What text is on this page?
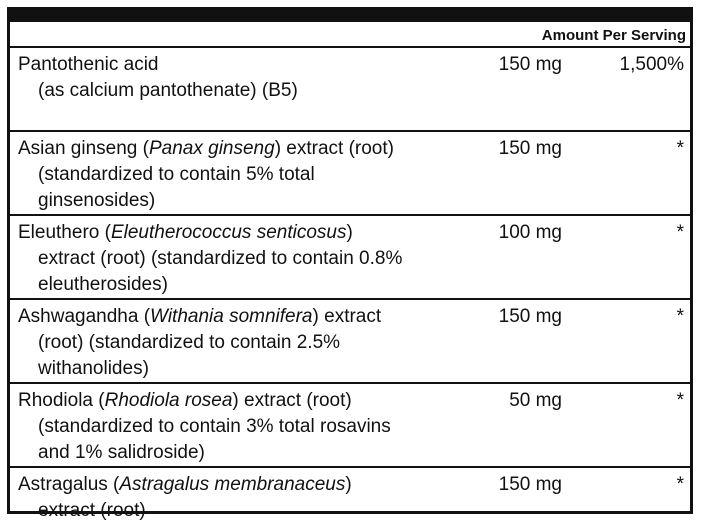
Amount Per Serving
Pantothenic acid
(as calcium pantothenate) (B5)
150 mg	1,500%
Asian ginseng (Panax ginseng) extract (root)
(standardized to contain 5% total
ginsenosides)
150 mg	*
Eleuthero (Eleutherococcus senticosus)
extract (root) (standardized to contain 0.8%
eleutherosides)
100 mg	*
Ashwagandha (Withania somnifera) extract
(root) (standardized to contain 2.5%
withanolides)
150 mg	*
Rhodiola (Rhodiola rosea) extract (root)
(standardized to contain 3% total rosavins
and 1% salidroside)
50 mg	*
Astragalus (Astragalus membranaceus)
extract (root)
150 mg	*
